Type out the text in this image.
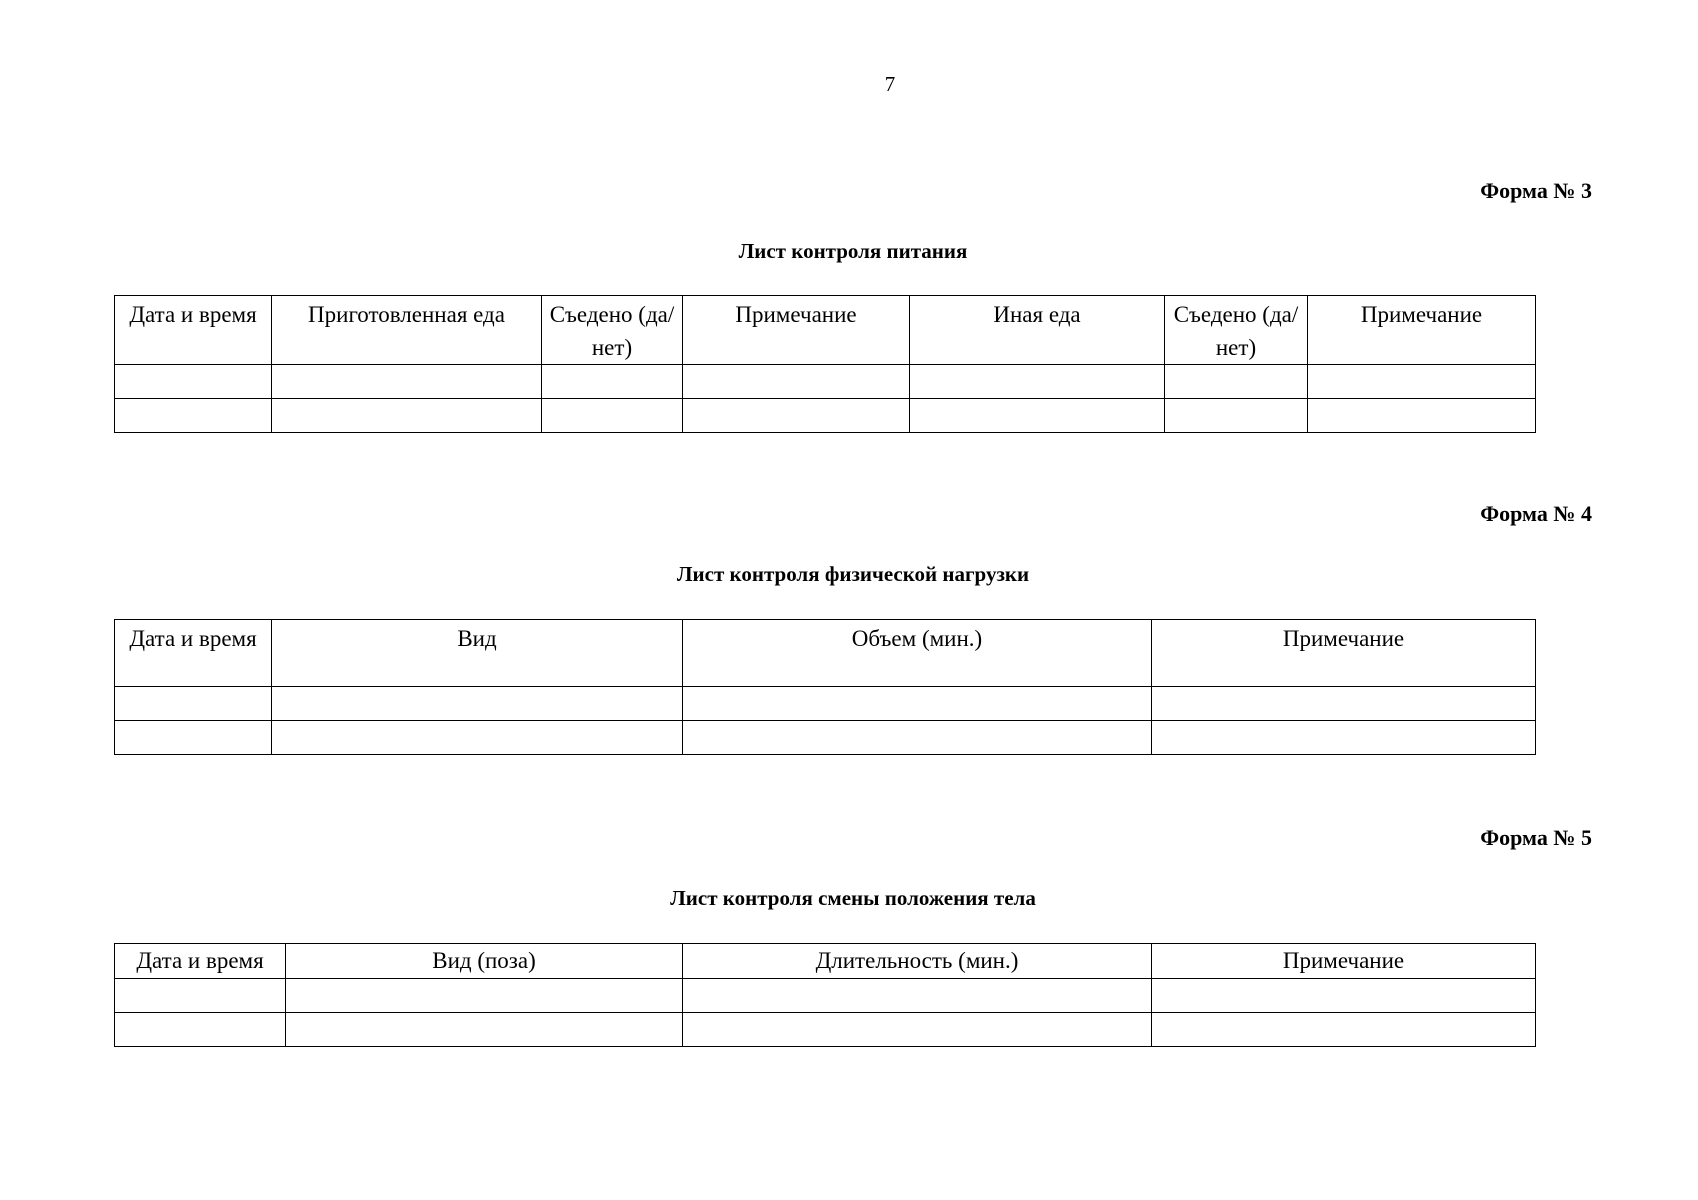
7
Форма № 3
Лист контроля питания
Дата и время	Приготовленная еда	Съедено (да/нет)	Примечание	Иная еда	Съедено (да/нет)	Примечание

Форма № 4
Лист контроля физической нагрузки
Дата и время	Вид	Объем (мин.)	Примечание

Форма № 5
Лист контроля смены положения тела
Дата и время	Вид (поза)	Длительность (мин.)	Примечание
